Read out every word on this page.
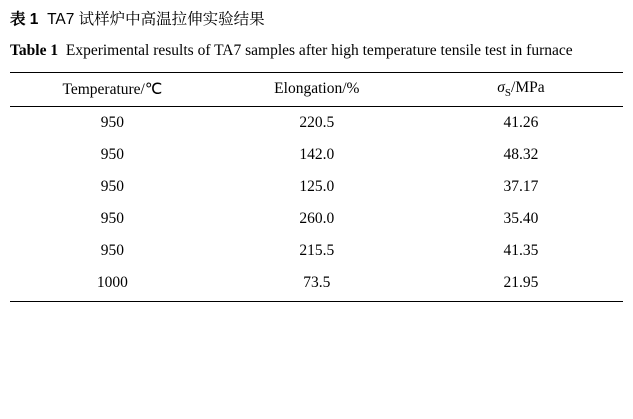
表 1 TA7 试样炉中高温拉伸实验结果
Table 1 Experimental results of TA7 samples after high temperature tensile test in furnace
Temperature/℃	Elongation/%	$\sigma_S$/MPa
950	220.5	41.26
950	142.0	48.32
950	125.0	37.17
950	260.0	35.40
950	215.5	41.35
1000	73.5	21.95
